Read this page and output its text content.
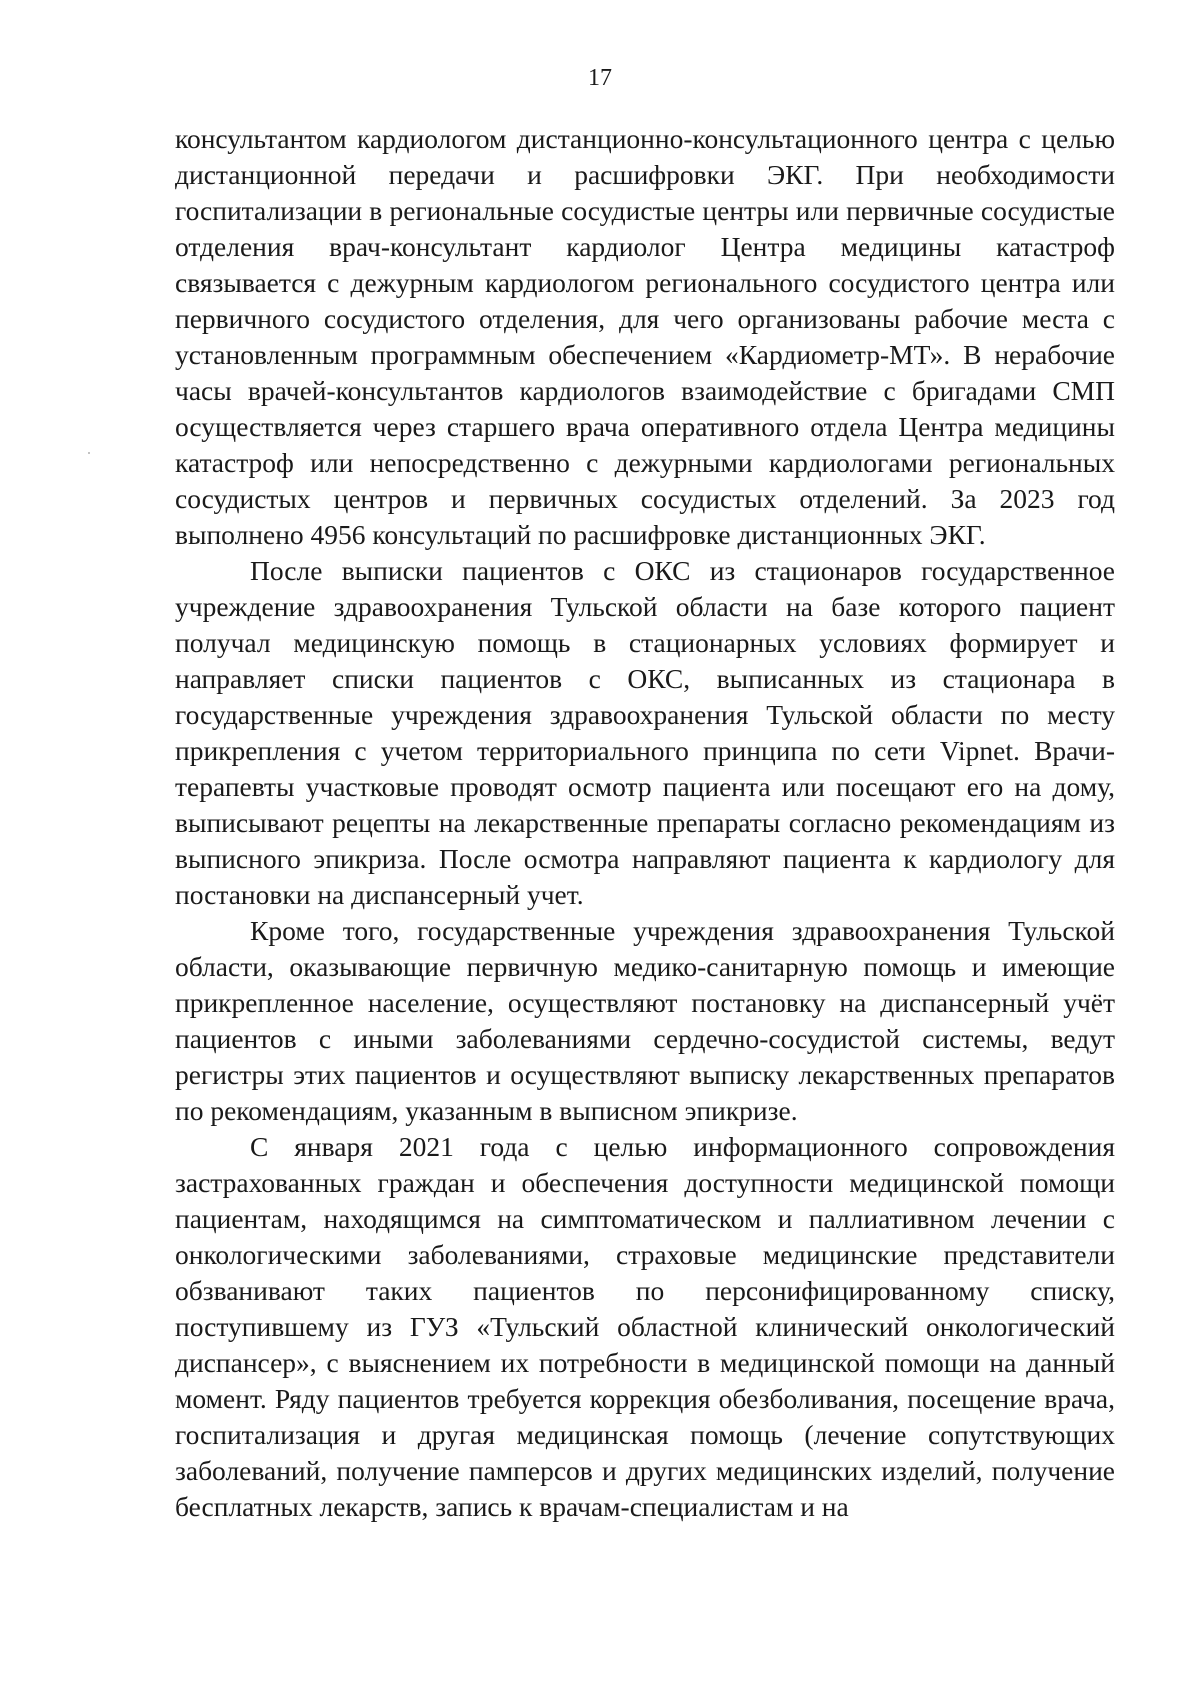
17

консультантом кардиологом дистанционно-консультационного центра с целью дистанционной передачи и расшифровки ЭКГ. При необходимости госпитализации в региональные сосудистые центры или первичные сосудистые отделения врач-консультант кардиолог Центра медицины катастроф связывается с дежурным кардиологом регионального сосудистого центра или первичного сосудистого отделения, для чего организованы рабочие места с установленным программным обеспечением «Кардиометр-МТ». В нерабочие часы врачей-консультантов кардиологов взаимодействие с бригадами СМП осуществляется через старшего врача оперативного отдела Центра медицины катастроф или непосредственно с дежурными кардиологами региональных сосудистых центров и первичных сосудистых отделений. За 2023 год выполнено 4956 консультаций по расшифровке дистанционных ЭКГ.

После выписки пациентов с ОКС из стационаров государственное учреждение здравоохранения Тульской области на базе которого пациент получал медицинскую помощь в стационарных условиях формирует и направляет списки пациентов с ОКС, выписанных из стационара в государственные учреждения здравоохранения Тульской области по месту прикрепления с учетом территориального принципа по сети Vipnet. Врачи-терапевты участковые проводят осмотр пациента или посещают его на дому, выписывают рецепты на лекарственные препараты согласно рекомендациям из выписного эпикриза. После осмотра направляют пациента к кардиологу для постановки на диспансерный учет.

Кроме того, государственные учреждения здравоохранения Тульской области, оказывающие первичную медико-санитарную помощь и имеющие прикрепленное население, осуществляют постановку на диспансерный учёт пациентов с иными заболеваниями сердечно-сосудистой системы, ведут регистры этих пациентов и осуществляют выписку лекарственных препаратов по рекомендациям, указанным в выписном эпикризе.

С января 2021 года с целью информационного сопровождения застрахованных граждан и обеспечения доступности медицинской помощи пациентам, находящимся на симптоматическом и паллиативном лечении с онкологическими заболеваниями, страховые медицинские представители обзванивают таких пациентов по персонифицированному списку, поступившему из ГУЗ «Тульский областной клинический онкологический диспансер», с выяснением их потребности в медицинской помощи на данный момент. Ряду пациентов требуется коррекция обезболивания, посещение врача, госпитализация и другая медицинская помощь (лечение сопутствующих заболеваний, получение памперсов и других медицинских изделий, получение бесплатных лекарств, запись к врачам-специалистам и на
